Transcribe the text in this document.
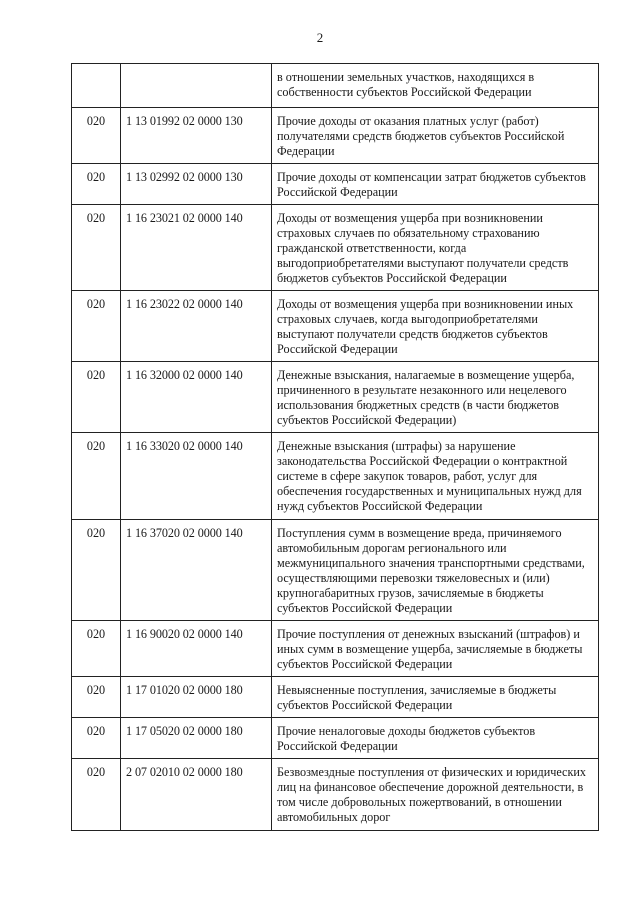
2
		в отношении земельных участков, находящихся в собственности субъектов Российской Федерации
020	1 13 01992 02 0000 130	Прочие доходы от оказания платных услуг (работ) получателями средств бюджетов субъектов Российской Федерации
020	1 13 02992 02 0000 130	Прочие доходы от компенсации затрат бюджетов субъектов Российской Федерации
020	1 16 23021 02 0000 140	Доходы от возмещения ущерба при возникновении страховых случаев по обязательному страхованию гражданской ответственности, когда выгодоприобретателями выступают получатели средств бюджетов субъектов Российской Федерации
020	1 16 23022 02 0000 140	Доходы от возмещения ущерба при возникновении иных страховых случаев, когда выгодоприобретателями выступают получатели средств бюджетов субъектов Российской Федерации
020	1 16 32000 02 0000 140	Денежные взыскания, налагаемые в возмещение ущерба, причиненного в результате незаконного или нецелевого использования бюджетных средств (в части бюджетов субъектов Российской Федерации)
020	1 16 33020 02 0000 140	Денежные взыскания (штрафы) за нарушение законодательства Российской Федерации о контрактной системе в сфере закупок товаров, работ, услуг для обеспечения государственных и муниципальных нужд для нужд субъектов Российской Федерации
020	1 16 37020 02 0000 140	Поступления сумм в возмещение вреда, причиняемого автомобильным дорогам регионального или межмуниципального значения транспортными средствами, осуществляющими перевозки тяжеловесных и (или) крупногабаритных грузов, зачисляемые в бюджеты субъектов Российской Федерации
020	1 16 90020 02 0000 140	Прочие поступления от денежных взысканий (штрафов) и иных сумм в возмещение ущерба, зачисляемые в бюджеты субъектов Российской Федерации
020	1 17 01020 02 0000 180	Невыясненные поступления, зачисляемые в бюджеты субъектов Российской Федерации
020	1 17 05020 02 0000 180	Прочие неналоговые доходы бюджетов субъектов Российской Федерации
020	2 07 02010 02 0000 180	Безвозмездные поступления от физических и юридических лиц на финансовое обеспечение дорожной деятельности, в том числе добровольных пожертвований, в отношении автомобильных дорог
